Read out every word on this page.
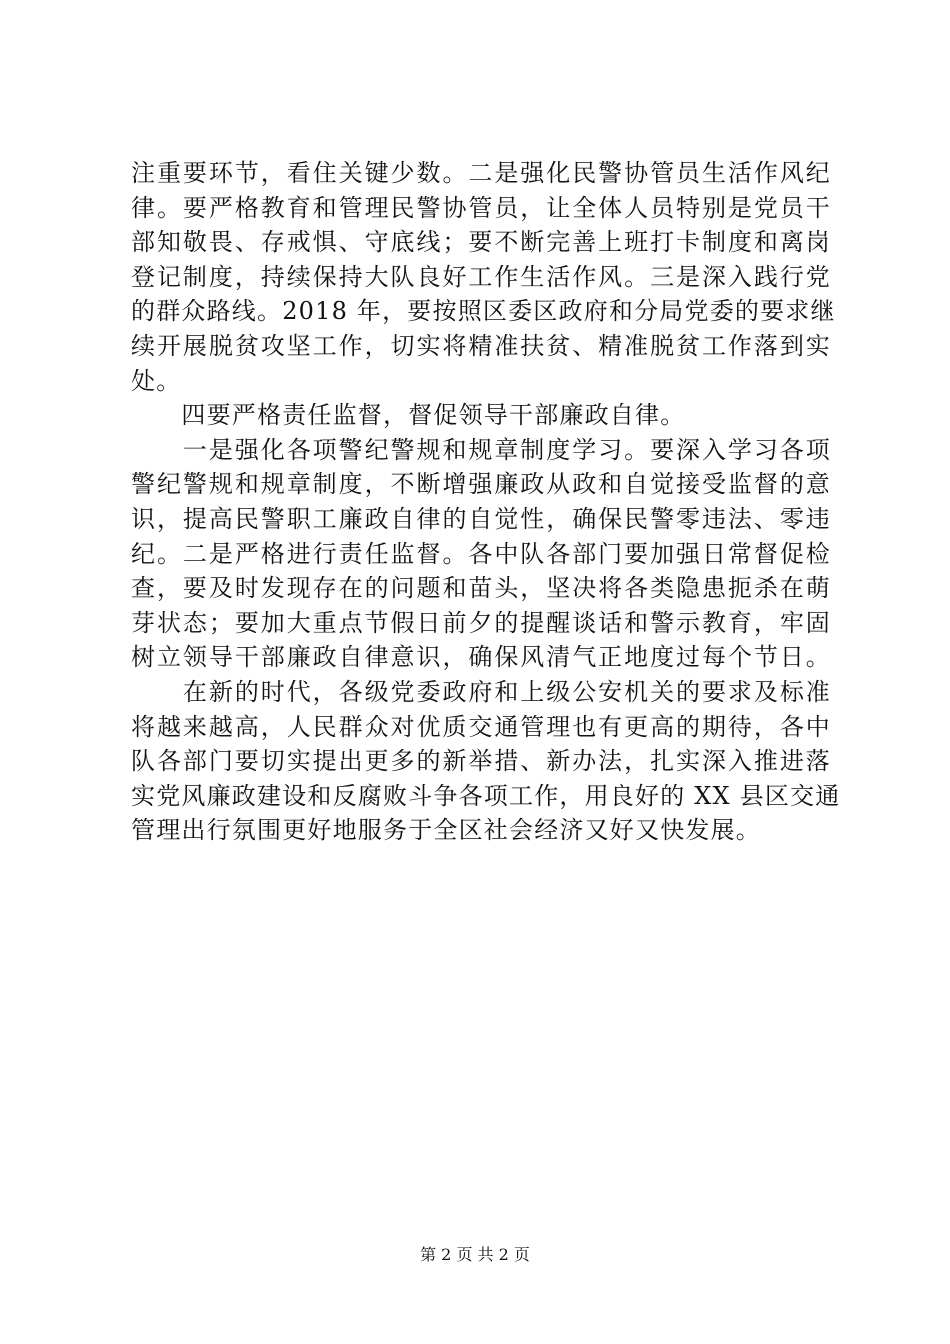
注重要环节，看住关键少数。二是强化民警协管员生活作风纪
律。要严格教育和管理民警协管员，让全体人员特别是党员干
部知敬畏、存戒惧、守底线；要不断完善上班打卡制度和离岗
登记制度，持续保持大队良好工作生活作风。三是深入践行党
的群众路线。2018 年，要按照区委区政府和分局党委的要求继
续开展脱贫攻坚工作，切实将精准扶贫、精准脱贫工作落到实
处。
　　四要严格责任监督，督促领导干部廉政自律。
　　一是强化各项警纪警规和规章制度学习。要深入学习各项
警纪警规和规章制度，不断增强廉政从政和自觉接受监督的意
识，提高民警职工廉政自律的自觉性，确保民警零违法、零违
纪。二是严格进行责任监督。各中队各部门要加强日常督促检
查，要及时发现存在的问题和苗头，坚决将各类隐患扼杀在萌
芽状态；要加大重点节假日前夕的提醒谈话和警示教育，牢固
树立领导干部廉政自律意识，确保风清气正地度过每个节日。
　　在新的时代，各级党委政府和上级公安机关的要求及标准
将越来越高，人民群众对优质交通管理也有更高的期待，各中
队各部门要切实提出更多的新举措、新办法，扎实深入推进落
实党风廉政建设和反腐败斗争各项工作，用良好的 XX 县区交通
管理出行氛围更好地服务于全区社会经济又好又快发展。
第 2 页 共 2 页
